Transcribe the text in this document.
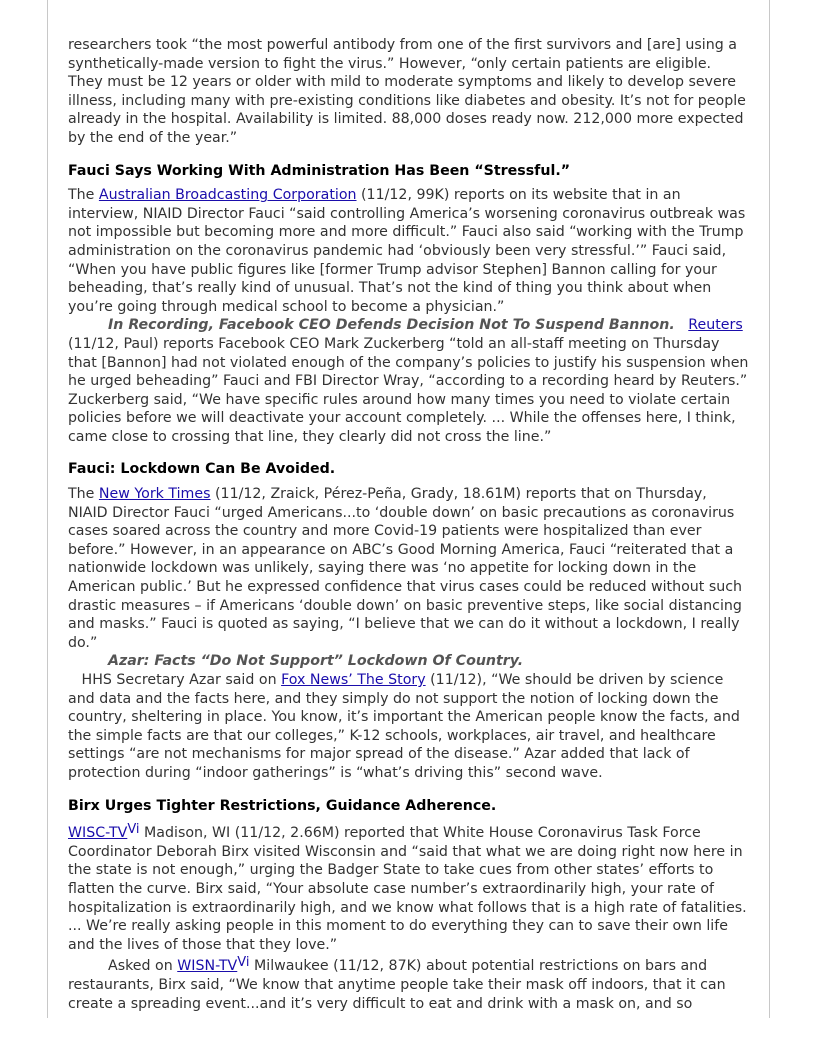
researchers took “the most powerful antibody from one of the first survivors and [are] using a synthetically-made version to fight the virus.” However, “only certain patients are eligible. They must be 12 years or older with mild to moderate symptoms and likely to develop severe illness, including many with pre-existing conditions like diabetes and obesity. It’s not for people already in the hospital. Availability is limited. 88,000 doses ready now. 212,000 more expected by the end of the year.”

Fauci Says Working With Administration Has Been “Stressful.”

The Australian Broadcasting Corporation (11/12, 99K) reports on its website that in an interview, NIAID Director Fauci “said controlling America’s worsening coronavirus outbreak was not impossible but becoming more and more difficult.” Fauci also said “working with the Trump administration on the coronavirus pandemic had ‘obviously been very stressful.’” Fauci said, “When you have public figures like [former Trump advisor Stephen] Bannon calling for your beheading, that’s really kind of unusual. That’s not the kind of thing you think about when you’re going through medical school to become a physician.”

In Recording, Facebook CEO Defends Decision Not To Suspend Bannon. Reuters (11/12, Paul) reports Facebook CEO Mark Zuckerberg “told an all-staff meeting on Thursday that [Bannon] had not violated enough of the company’s policies to justify his suspension when he urged beheading” Fauci and FBI Director Wray, “according to a recording heard by Reuters.” Zuckerberg said, “We have specific rules around how many times you need to violate certain policies before we will deactivate your account completely. ... While the offenses here, I think, came close to crossing that line, they clearly did not cross the line.”

Fauci: Lockdown Can Be Avoided.

The New York Times (11/12, Zraick, Pérez-Peña, Grady, 18.61M) reports that on Thursday, NIAID Director Fauci “urged Americans...to ‘double down’ on basic precautions as coronavirus cases soared across the country and more Covid-19 patients were hospitalized than ever before.” However, in an appearance on ABC’s Good Morning America, Fauci “reiterated that a nationwide lockdown was unlikely, saying there was ‘no appetite for locking down in the American public.’ But he expressed confidence that virus cases could be reduced without such drastic measures – if Americans ‘double down’ on basic preventive steps, like social distancing and masks.” Fauci is quoted as saying, “I believe that we can do it without a lockdown, I really do.”

Azar: Facts “Do Not Support” Lockdown Of Country.   HHS Secretary Azar said on Fox News’ The Story (11/12), “We should be driven by science and data and the facts here, and they simply do not support the notion of locking down the country, sheltering in place. You know, it’s important the American people know the facts, and the simple facts are that our colleges,” K-12 schools, workplaces, air travel, and healthcare settings “are not mechanisms for major spread of the disease.” Azar added that lack of protection during “indoor gatherings” is “what’s driving this” second wave.

Birx Urges Tighter Restrictions, Guidance Adherence.

WISC-$TV^{Vi}$ Madison, WI (11/12, 2.66M) reported that White House Coronavirus Task Force Coordinator Deborah Birx visited Wisconsin and “said that what we are doing right now here in the state is not enough,” urging the Badger State to take cues from other states’ efforts to flatten the curve. Birx said, “Your absolute case number’s extraordinarily high, your rate of hospitalization is extraordinarily high, and we know what follows that is a high rate of fatalities. ... We’re really asking people in this moment to do everything they can to save their own life and the lives of those that they love.”

Asked on WISN-$TV^{Vi}$ Milwaukee (11/12, 87K) about potential restrictions on bars and restaurants, Birx said, “We know that anytime people take their mask off indoors, that it can create a spreading event...and it’s very difficult to eat and drink with a mask on, and so
